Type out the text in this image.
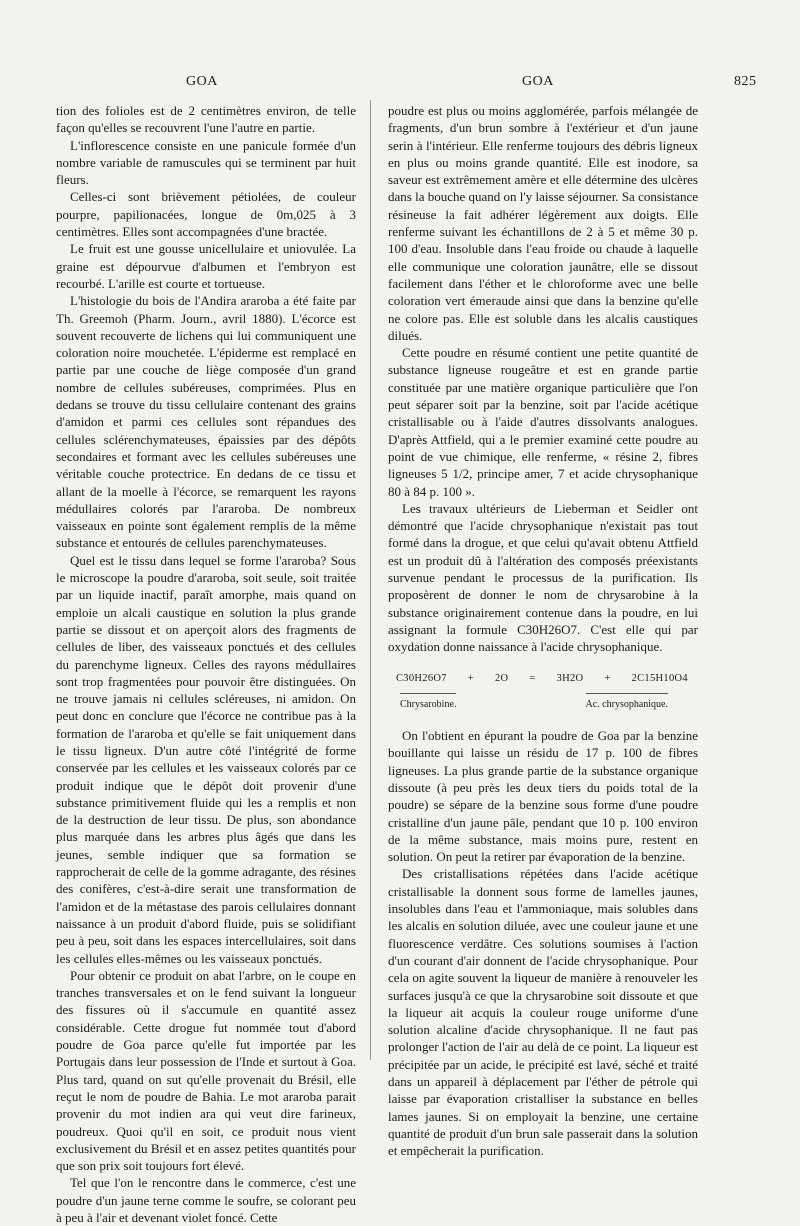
GOA	GOA	825

tion des folioles est de 2 centimètres environ, de telle façon qu'elles se recouvrent l'une l'autre en partie.

L'inflorescence consiste en une panicule formée d'un nombre variable de ramuscules qui se terminent par huit fleurs.

Celles-ci sont brièvement pétiolées, de couleur pourpre, papilionacées, longue de 0m,025 à 3 centimètres. Elles sont accompagnées d'une bractée.

Le fruit est une gousse unicellulaire et uniovulée. La graine est dépourvue d'albumen et l'embryon est recourbé. L'arille est courte et tortueuse.

L'histologie du bois de l'Andira araroba a été faite par Th. Greemoh (Pharm. Journ., avril 1880). L'écorce est souvent recouverte de lichens qui lui communiquent une coloration noire mouchetée. L'épiderme est remplacé en partie par une couche de liège composée d'un grand nombre de cellules subéreuses, comprimées. Plus en dedans se trouve du tissu cellulaire contenant des grains d'amidon et parmi ces cellules sont répandues des cellules sclérenchymateuses, épaissies par des dépôts secondaires et formant avec les cellules subéreuses une véritable couche protectrice. En dedans de ce tissu et allant de la moelle à l'écorce, se remarquent les rayons médullaires colorés par l'araroba. De nombreux vaisseaux en pointe sont également remplis de la même substance et entourés de cellules parenchymateuses.

Quel est le tissu dans lequel se forme l'araroba? Sous le microscope la poudre d'araroba, soit seule, soit traitée par un liquide inactif, paraît amorphe, mais quand on emploie un alcali caustique en solution la plus grande partie se dissout et on aperçoit alors des fragments de cellules de liber, des vaisseaux ponctués et des cellules du parenchyme ligneux. Celles des rayons médullaires sont trop fragmentées pour pouvoir être distinguées. On ne trouve jamais ni cellules scléreuses, ni amidon. On peut donc en conclure que l'écorce ne contribue pas à la formation de l'araroba et qu'elle se fait uniquement dans le tissu ligneux. D'un autre côté l'intégrité de forme conservée par les cellules et les vaisseaux colorés par ce produit indique que le dépôt doit provenir d'une substance primitivement fluide qui les a remplis et non de la destruction de leur tissu. De plus, son abondance plus marquée dans les arbres plus âgés que dans les jeunes, semble indiquer que sa formation se rapprocherait de celle de la gomme adragante, des résines des conifères, c'est-à-dire serait une transformation de l'amidon et de la métastase des parois cellulaires donnant naissance à un produit d'abord fluide, puis se solidifiant peu à peu, soit dans les espaces intercellulaires, soit dans les cellules elles-mêmes ou les vaisseaux ponctués.

Pour obtenir ce produit on abat l'arbre, on le coupe en tranches transversales et on le fend suivant la longueur des fissures où il s'accumule en quantité assez considérable. Cette drogue fut nommée tout d'abord poudre de Goa parce qu'elle fut importée par les Portugais dans leur possession de l'Inde et surtout à Goa. Plus tard, quand on sut qu'elle provenait du Brésil, elle reçut le nom de poudre de Bahia. Le mot araroba parait provenir du mot indien ara qui veut dire farineux, poudreux. Quoi qu'il en soit, ce produit nous vient exclusivement du Brésil et en assez petites quantités pour que son prix soit toujours fort élevé.

Tel que l'on le rencontre dans le commerce, c'est une poudre d'un jaune terne comme le soufre, se colorant peu à peu à l'air et devenant violet foncé. Cette

poudre est plus ou moins agglomérée, parfois mélangée de fragments, d'un brun sombre à l'extérieur et d'un jaune serin à l'intérieur. Elle renferme toujours des débris ligneux en plus ou moins grande quantité. Elle est inodore, sa saveur est extrêmement amère et elle détermine des ulcères dans la bouche quand on l'y laisse séjourner. Sa consistance résineuse la fait adhérer légèrement aux doigts. Elle renferme suivant les échantillons de 2 à 5 et même 30 p. 100 d'eau. Insoluble dans l'eau froide ou chaude à laquelle elle communique une coloration jaunâtre, elle se dissout facilement dans l'éther et le chloroforme avec une belle coloration vert émeraude ainsi que dans la benzine qu'elle ne colore pas. Elle est soluble dans les alcalis caustiques dilués.

Cette poudre en résumé contient une petite quantité de substance ligneuse rougeâtre et est en grande partie constituée par une matière organique particulière que l'on peut séparer soit par la benzine, soit par l'acide acétique cristallisable ou à l'aide d'autres dissolvants analogues. D'après Attfield, qui a le premier examiné cette poudre au point de vue chimique, elle renferme, « résine 2, fibres ligneuses 5 1/2, principe amer, 7 et acide chrysophanique 80 à 84 p. 100 ».

Les travaux ultérieurs de Lieberman et Seidler ont démontré que l'acide chrysophanique n'existait pas tout formé dans la drogue, et que celui qu'avait obtenu Attfield est un produit dû à l'altération des composés préexistants survenue pendant le processus de la purification. Ils proposèrent de donner le nom de chrysarobine à la substance originairement contenue dans la poudre, en lui assignant la formule C30H26O7. C'est elle qui par oxydation donne naissance à l'acide chrysophanique.

C30H26O7 + 2O = 3H2O + 2C15H10O4
Chrysarobine.	Ac. chrysophanique.

On l'obtient en épurant la poudre de Goa par la benzine bouillante qui laisse un résidu de 17 p. 100 de fibres ligneuses. La plus grande partie de la substance organique dissoute (à peu près les deux tiers du poids total de la poudre) se sépare de la benzine sous forme d'une poudre cristalline d'un jaune pâle, pendant que 10 p. 100 environ de la même substance, mais moins pure, restent en solution. On peut la retirer par évaporation de la benzine.

Des cristallisations répétées dans l'acide acétique cristallisable la donnent sous forme de lamelles jaunes, insolubles dans l'eau et l'ammoniaque, mais solubles dans les alcalis en solution diluée, avec une couleur jaune et une fluorescence verdâtre. Ces solutions soumises à l'action d'un courant d'air donnent de l'acide chrysophanique. Pour cela on agite souvent la liqueur de manière à renouveler les surfaces jusqu'à ce que la chrysarobine soit dissoute et que la liqueur ait acquis la couleur rouge uniforme d'une solution alcaline d'acide chrysophanique. Il ne faut pas prolonger l'action de l'air au delà de ce point. La liqueur est précipitée par un acide, le précipité est lavé, séché et traité dans un appareil à déplacement par l'éther de pétrole qui laisse par évaporation cristalliser la substance en belles lames jaunes. Si on employait la benzine, une certaine quantité de produit d'un brun sale passerait dans la solution et empêcherait la purification.
